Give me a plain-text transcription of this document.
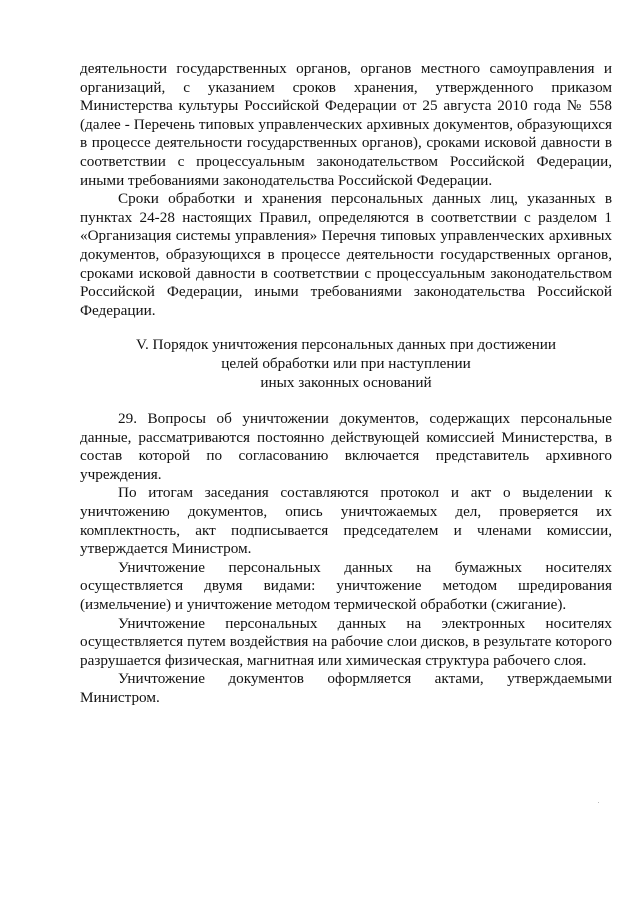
деятельности государственных органов, органов местного самоуправления и организаций, с указанием сроков хранения, утвержденного приказом Министерства культуры Российской Федерации от 25 августа 2010 года № 558 (далее - Перечень типовых управленческих архивных документов, образующихся в процессе деятельности государственных органов), сроками исковой давности в соответствии с процессуальным законодательством Российской Федерации, иными требованиями законодательства Российской Федерации.

Сроки обработки и хранения персональных данных лиц, указанных в пунктах 24-28 настоящих Правил, определяются в соответствии с разделом 1 «Организация системы управления» Перечня типовых управленческих архивных документов, образующихся в процессе деятельности государственных органов, сроками исковой давности в соответствии с процессуальным законодательством Российской Федерации, иными требованиями законодательства Российской Федерации.

V. Порядок уничтожения персональных данных при достижении
целей обработки или при наступлении
иных законных оснований

29. Вопросы об уничтожении документов, содержащих персональные данные, рассматриваются постоянно действующей комиссией Министерства, в состав которой по согласованию включается представитель архивного учреждения.

По итогам заседания составляются протокол и акт о выделении к уничтожению документов, опись уничтожаемых дел, проверяется их комплектность, акт подписывается председателем и членами комиссии, утверждается Министром.

Уничтожение персональных данных на бумажных носителях осуществляется двумя видами: уничтожение методом шредирования (измельчение) и уничтожение методом термической обработки (сжигание).

Уничтожение персональных данных на электронных носителях осуществляется путем воздействия на рабочие слои дисков, в результате которого разрушается физическая, магнитная или химическая структура рабочего слоя.

Уничтожение документов оформляется актами, утверждаемыми Министром.
